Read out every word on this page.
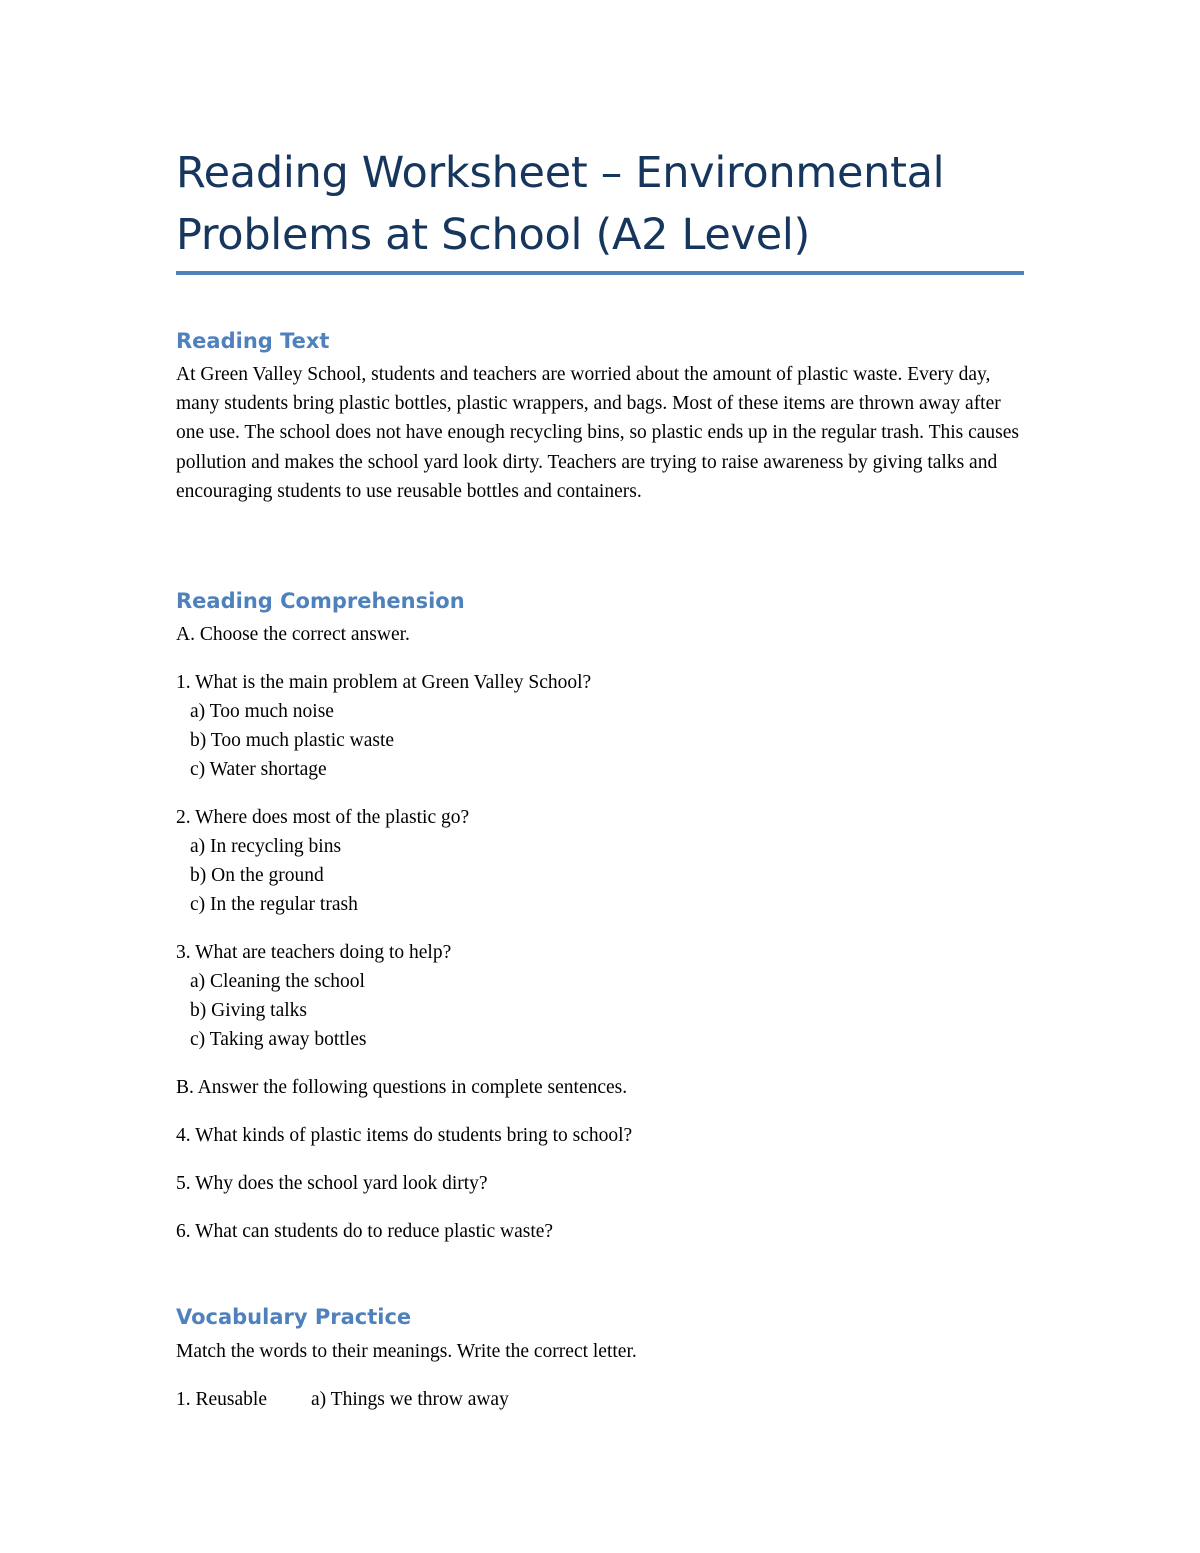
Reading Worksheet – Environmental Problems at School (A2 Level)
Reading Text

At Green Valley School, students and teachers are worried about the amount of plastic waste. Every day, many students bring plastic bottles, plastic wrappers, and bags. Most of these items are thrown away after one use. The school does not have enough recycling bins, so plastic ends up in the regular trash. This causes pollution and makes the school yard look dirty. Teachers are trying to raise awareness by giving talks and encouraging students to use reusable bottles and containers.

Reading Comprehension
A. Choose the correct answer.
1. What is the main problem at Green Valley School?
a) Too much noise
b) Too much plastic waste
c) Water shortage
2. Where does most of the plastic go?
a) In recycling bins
b) On the ground
c) In the regular trash
3. What are teachers doing to help?
a) Cleaning the school
b) Giving talks
c) Taking away bottles
B. Answer the following questions in complete sentences.
4. What kinds of plastic items do students bring to school?
5. Why does the school yard look dirty?
6. What can students do to reduce plastic waste?
Vocabulary Practice
Match the words to their meanings. Write the correct letter.
1. Reusable	a) Things we throw away
